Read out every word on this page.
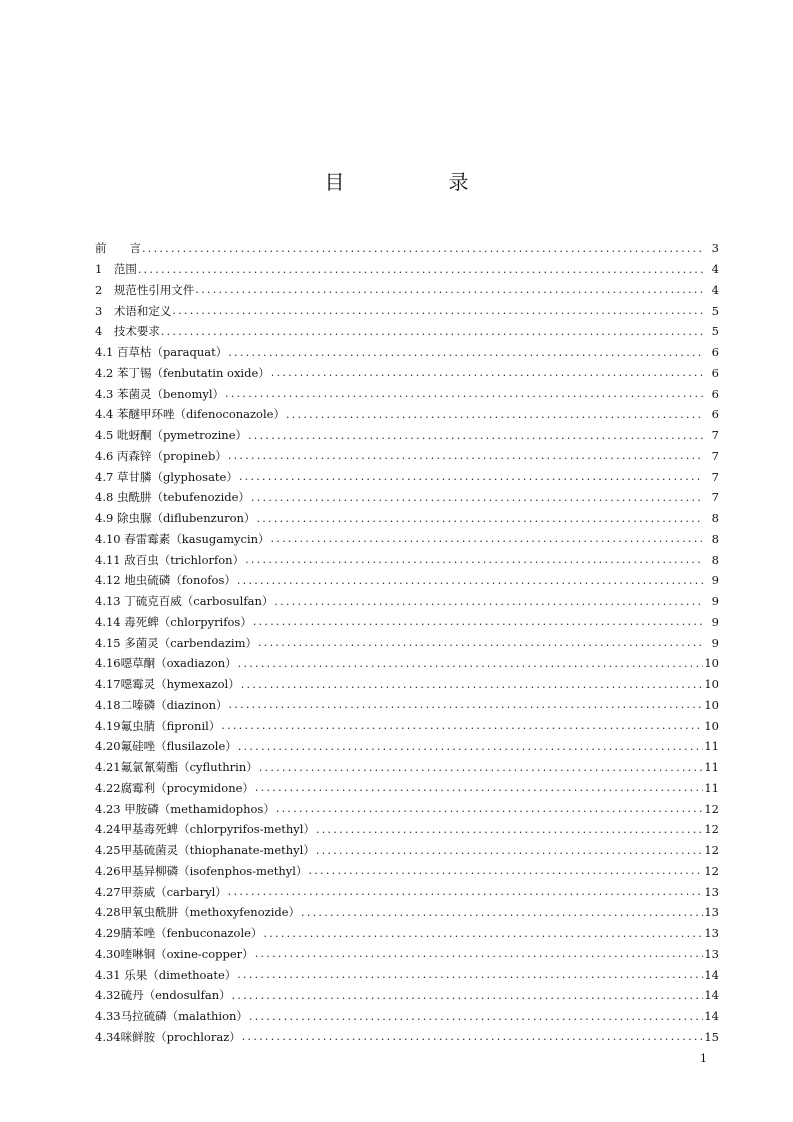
目　录
前　　言 .....	3
1　范围 .....	4
2　规范性引用文件 .....	4
3　术语和定义 .....	5
4　技术要求 .....	5
4.1 百草枯（paraquat） .....	6
4.2 苯丁锡（fenbutatin oxide） .....	6
4.3 苯菌灵（benomyl） .....	6
4.4 苯醚甲环唑（difenoconazole） .....	6
4.5 吡蚜酮（pymetrozine） .....	7
4.6 丙森锌（propineb） .....	7
4.7 草甘膦（glyphosate） .....	7
4.8 虫酰肼（tebufenozide） .....	7
4.9 除虫脲（diflubenzuron） .....	8
4.10 春雷霉素（kasugamycin） .....	8
4.11 敌百虫（trichlorfon） .....	8
4.12 地虫硫磷（fonofos） .....	9
4.13 丁硫克百威（carbosulfan） .....	9
4.14 毒死蜱（chlorpyrifos） .....	9
4.15 多菌灵（carbendazim） .....	9
4.16噁草酮（oxadiazon） .....	10
4.17噁霉灵（hymexazol） .....	10
4.18二嗪磷（diazinon） .....	10
4.19氟虫腈（fipronil） .....	10
4.20氟硅唑（flusilazole） .....	11
4.21氟氯氰菊酯（cyfluthrin） .....	11
4.22腐霉利（procymidone） .....	11
4.23 甲胺磷（methamidophos） .....	12
4.24甲基毒死蜱（chlorpyrifos-methyl） .....	12
4.25甲基硫菌灵（thiophanate-methyl） .....	12
4.26甲基异柳磷（isofenphos-methyl） .....	12
4.27甲萘威（carbaryl） .....	13
4.28甲氧虫酰肼（methoxyfenozide） .....	13
4.29腈苯唑（fenbuconazole） .....	13
4.30喹啉铜（oxine-copper） .....	13
4.31 乐果（dimethoate） .....	14
4.32硫丹（endosulfan） .....	14
4.33马拉硫磷（malathion） .....	14
4.34咪鲜胺（prochloraz） .....	15
1
